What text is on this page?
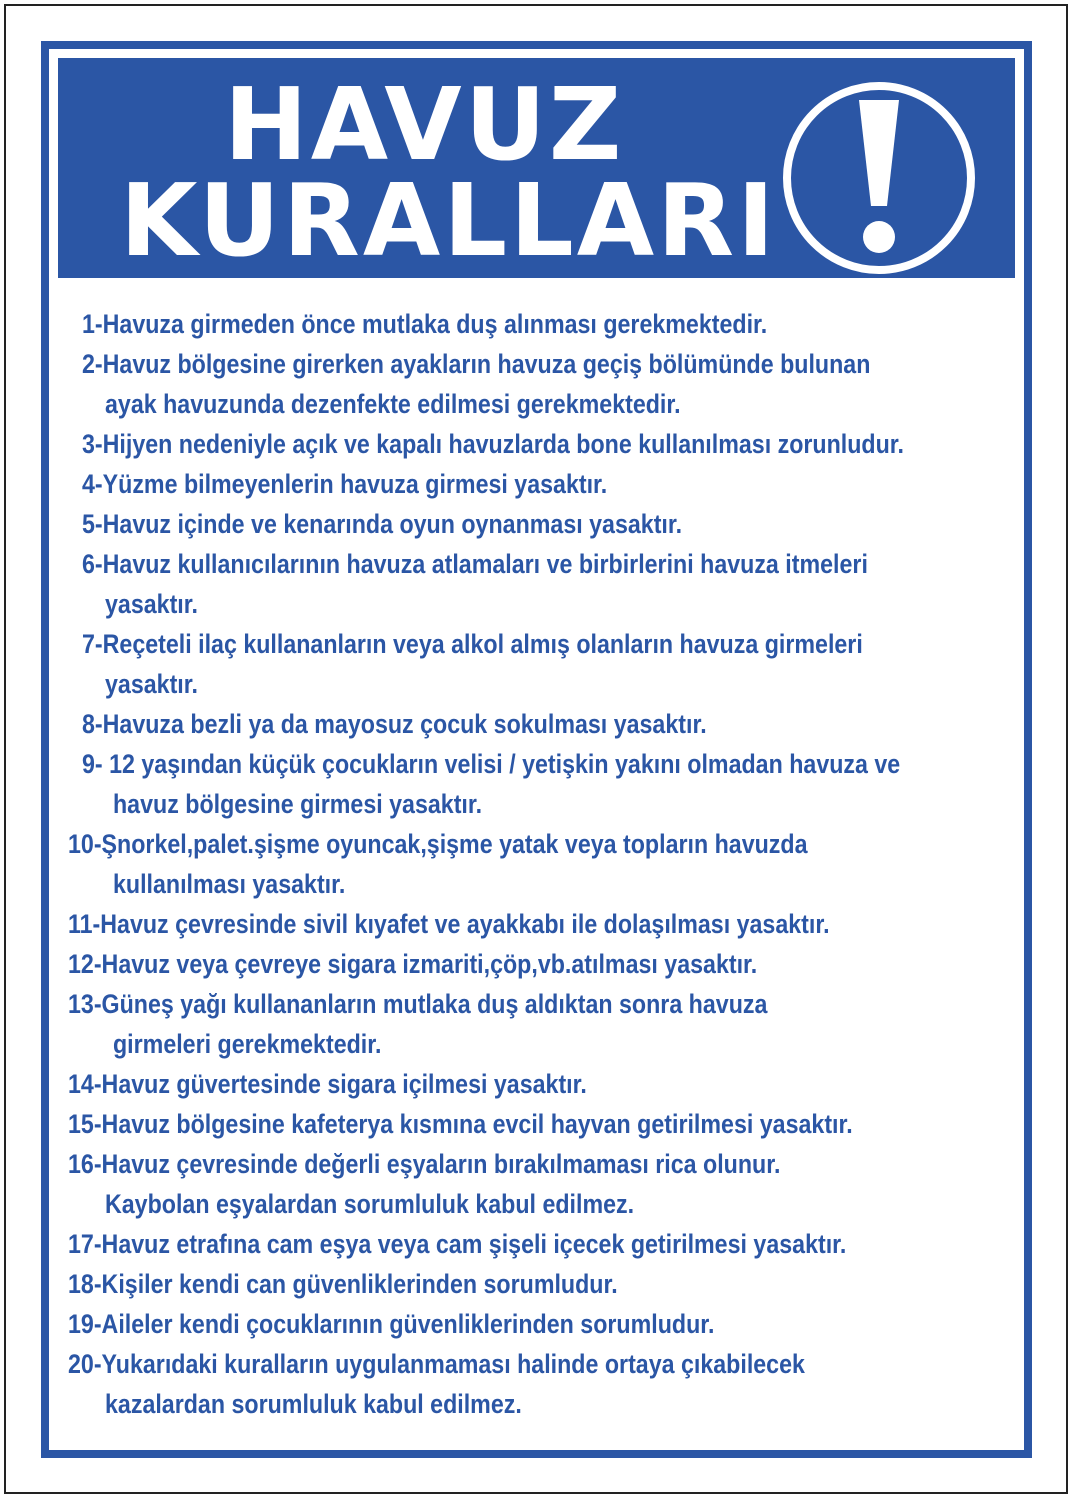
HAVUZ
KURALLARI
1-Havuza girmeden önce mutlaka duş alınması gerekmektedir.
2-Havuz bölgesine girerken ayakların havuza geçiş bölümünde bulunan
ayak havuzunda dezenfekte edilmesi gerekmektedir.
3-Hijyen nedeniyle açık ve kapalı havuzlarda bone kullanılması zorunludur.
4-Yüzme bilmeyenlerin havuza girmesi yasaktır.
5-Havuz içinde ve kenarında oyun oynanması yasaktır.
6-Havuz kullanıcılarının havuza atlamaları ve birbirlerini havuza itmeleri
yasaktır.
7-Reçeteli ilaç kullananların veya alkol almış olanların havuza girmeleri
yasaktır.
8-Havuza bezli ya da mayosuz çocuk sokulması yasaktır.
9- 12 yaşından küçük çocukların velisi / yetişkin yakını olmadan havuza ve
havuz bölgesine girmesi yasaktır.
10-Şnorkel,palet.şişme oyuncak,şişme yatak veya topların havuzda
kullanılması yasaktır.
11-Havuz çevresinde sivil kıyafet ve ayakkabı ile dolaşılması yasaktır.
12-Havuz veya çevreye sigara izmariti,çöp,vb.atılması yasaktır.
13-Güneş yağı kullananların mutlaka duş aldıktan sonra havuza
girmeleri gerekmektedir.
14-Havuz güvertesinde sigara içilmesi yasaktır.
15-Havuz bölgesine kafeterya kısmına evcil hayvan getirilmesi yasaktır.
16-Havuz çevresinde değerli eşyaların bırakılmaması rica olunur.
Kaybolan eşyalardan sorumluluk kabul edilmez.
17-Havuz etrafına cam eşya veya cam şişeli içecek getirilmesi yasaktır.
18-Kişiler kendi can güvenliklerinden sorumludur.
19-Aileler kendi çocuklarının güvenliklerinden sorumludur.
20-Yukarıdaki kuralların uygulanmaması halinde ortaya çıkabilecek
kazalardan sorumluluk kabul edilmez.
